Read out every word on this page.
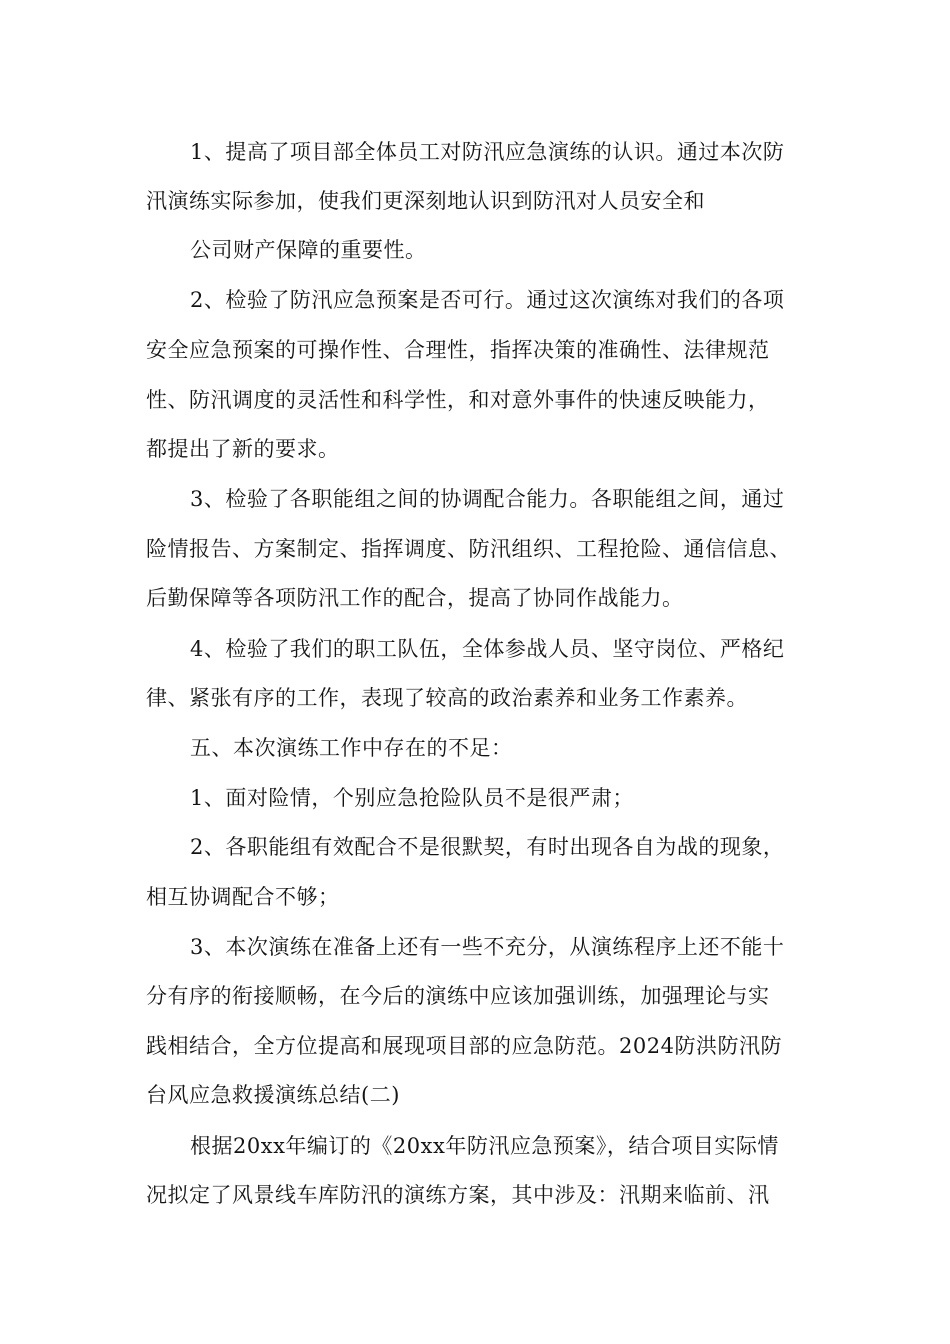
1、提高了项目部全体员工对防汛应急演练的认识。通过本次防

汛演练实际参加，使我们更深刻地认识到防汛对人员安全和

公司财产保障的重要性。

2、检验了防汛应急预案是否可行。通过这次演练对我们的各项

安全应急预案的可操作性、合理性，指挥决策的准确性、法律规范

性、防汛调度的灵活性和科学性，和对意外事件的快速反映能力，

都提出了新的要求。

3、检验了各职能组之间的协调配合能力。各职能组之间，通过

险情报告、方案制定、指挥调度、防汛组织、工程抢险、通信信息、

后勤保障等各项防汛工作的配合，提高了协同作战能力。

4、检验了我们的职工队伍，全体参战人员、坚守岗位、严格纪

律、紧张有序的工作，表现了较高的政治素养和业务工作素养。

五、本次演练工作中存在的不足：

1、面对险情，个别应急抢险队员不是很严肃；

2、各职能组有效配合不是很默契，有时出现各自为战的现象，

相互协调配合不够；

3、本次演练在准备上还有一些不充分，从演练程序上还不能十

分有序的衔接顺畅，在今后的演练中应该加强训练，加强理论与实

践相结合，全方位提高和展现项目部的应急防范。2024防洪防汛防

台风应急救援演练总结(二)

根据20xx年编订的《20xx年防汛应急预案》，结合项目实际情

况拟定了风景线车库防汛的演练方案，其中涉及：汛期来临前、汛
